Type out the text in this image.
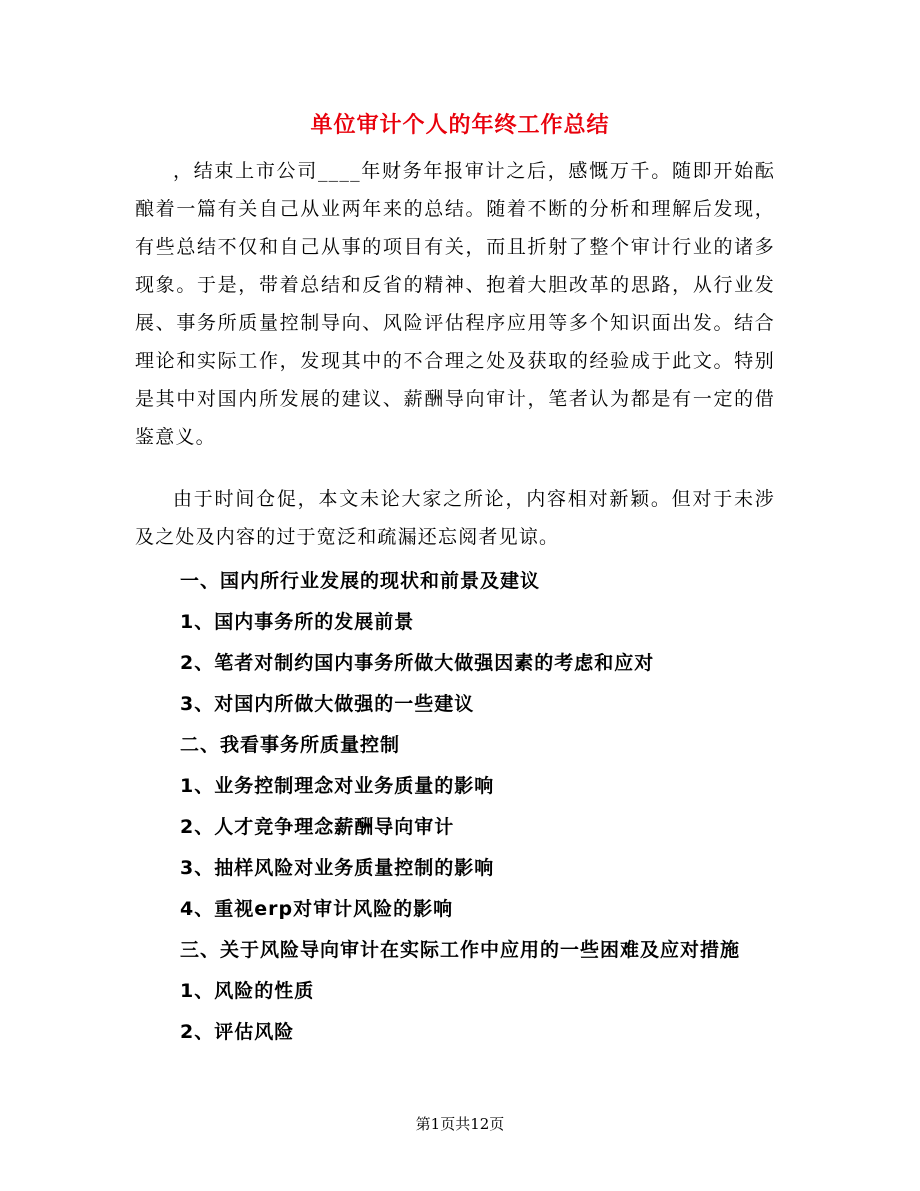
单位审计个人的年终工作总结

，结束上市公司____年财务年报审计之后，感慨万千。随即开始酝酿着一篇有关自己从业两年来的总结。随着不断的分析和理解后发现，有些总结不仅和自己从事的项目有关，而且折射了整个审计行业的诸多现象。于是，带着总结和反省的精神、抱着大胆改革的思路，从行业发展、事务所质量控制导向、风险评估程序应用等多个知识面出发。结合理论和实际工作，发现其中的不合理之处及获取的经验成于此文。特别是其中对国内所发展的建议、薪酬导向审计，笔者认为都是有一定的借鉴意义。

由于时间仓促，本文未论大家之所论，内容相对新颖。但对于未涉及之处及内容的过于宽泛和疏漏还忘阅者见谅。

一、国内所行业发展的现状和前景及建议
1、国内事务所的发展前景
2、笔者对制约国内事务所做大做强因素的考虑和应对
3、对国内所做大做强的一些建议
二、我看事务所质量控制
1、业务控制理念对业务质量的影响
2、人才竞争理念薪酬导向审计
3、抽样风险对业务质量控制的影响
4、重视erp对审计风险的影响
三、关于风险导向审计在实际工作中应用的一些困难及应对措施
1、风险的性质
2、评估风险
第1页共12页
